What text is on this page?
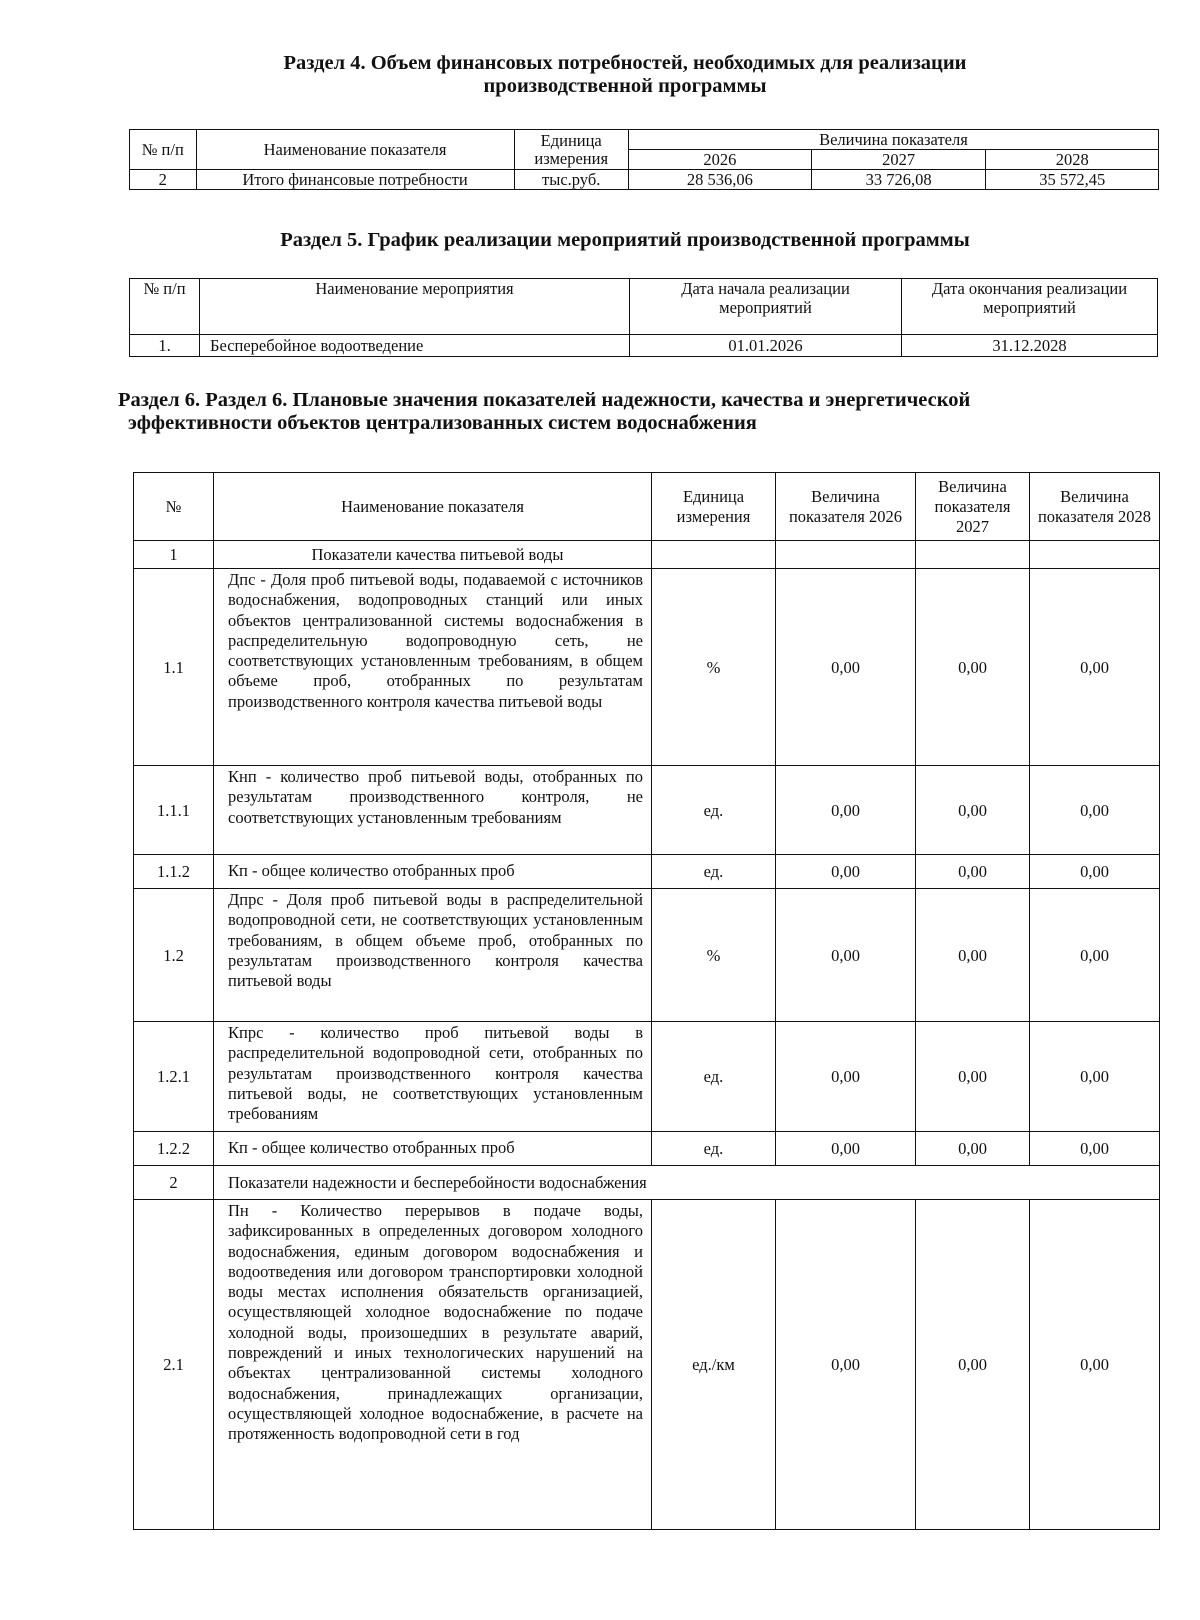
Раздел 4. Объем финансовых потребностей, необходимых для реализации
производственной программы
№ п/п	Наименование показателя	Единица измерения	Величина показателя		
			2026	2027	2028
2	Итого финансовые потребности	тыс.руб.	28 536,06	33 726,08	35 572,45
Раздел 5. График реализации мероприятий производственной программы
№ п/п	Наименование мероприятия	Дата начала реализации мероприятий	Дата окончания реализации мероприятий
1.	Бесперебойное водоотведение	01.01.2026	31.12.2028
Раздел 6. Раздел 6. Плановые значения показателей надежности, качества и энергетической
эффективности объектов централизованных систем водоснабжения
№	Наименование показателя	Единица измерения	Величина показателя 2026	Величина показателя 2027	Величина показателя 2028
1	Показатели качества питьевой воды				
1.1	Дпс - Доля проб питьевой воды, подаваемой с источников водоснабжения, водопроводных станций или иных объектов централизованной системы водоснабжения в распределительную водопроводную сеть, не соответствующих установленным требованиям, в общем объеме проб, отобранных по результатам производственного контроля качества питьевой воды	%	0,00	0,00	0,00
1.1.1	Кнп - количество проб питьевой воды, отобранных по результатам производственного контроля, не соответствующих установленным требованиям	ед.	0,00	0,00	0,00
1.1.2	Кп - общее количество отобранных проб	ед.	0,00	0,00	0,00
1.2	Дпрс - Доля проб питьевой воды в распределительной водопроводной сети, не соответствующих установленным требованиям, в общем объеме проб, отобранных по результатам производственного контроля качества питьевой воды	%	0,00	0,00	0,00
1.2.1	Кпрс - количество проб питьевой воды в распределительной водопроводной сети, отобранных по результатам производственного контроля качества питьевой воды, не соответствующих установленным требованиям	ед.	0,00	0,00	0,00
1.2.2	Кп - общее количество отобранных проб	ед.	0,00	0,00	0,00
2	Показатели надежности и бесперебойности водоснабжения				
2.1	Пн - Количество перерывов в подаче воды, зафиксированных в определенных договором холодного водоснабжения, единым договором водоснабжения и водоотведения или договором транспортировки холодной воды местах исполнения обязательств организацией, осуществляющей холодное водоснабжение по подаче холодной воды, произошедших в результате аварий, повреждений и иных технологических нарушений на объектах централизованной системы холодного водоснабжения, принадлежащих организации, осуществляющей холодное водоснабжение, в расчете на протяженность водопроводной сети в год	ед./км	0,00	0,00	0,00
